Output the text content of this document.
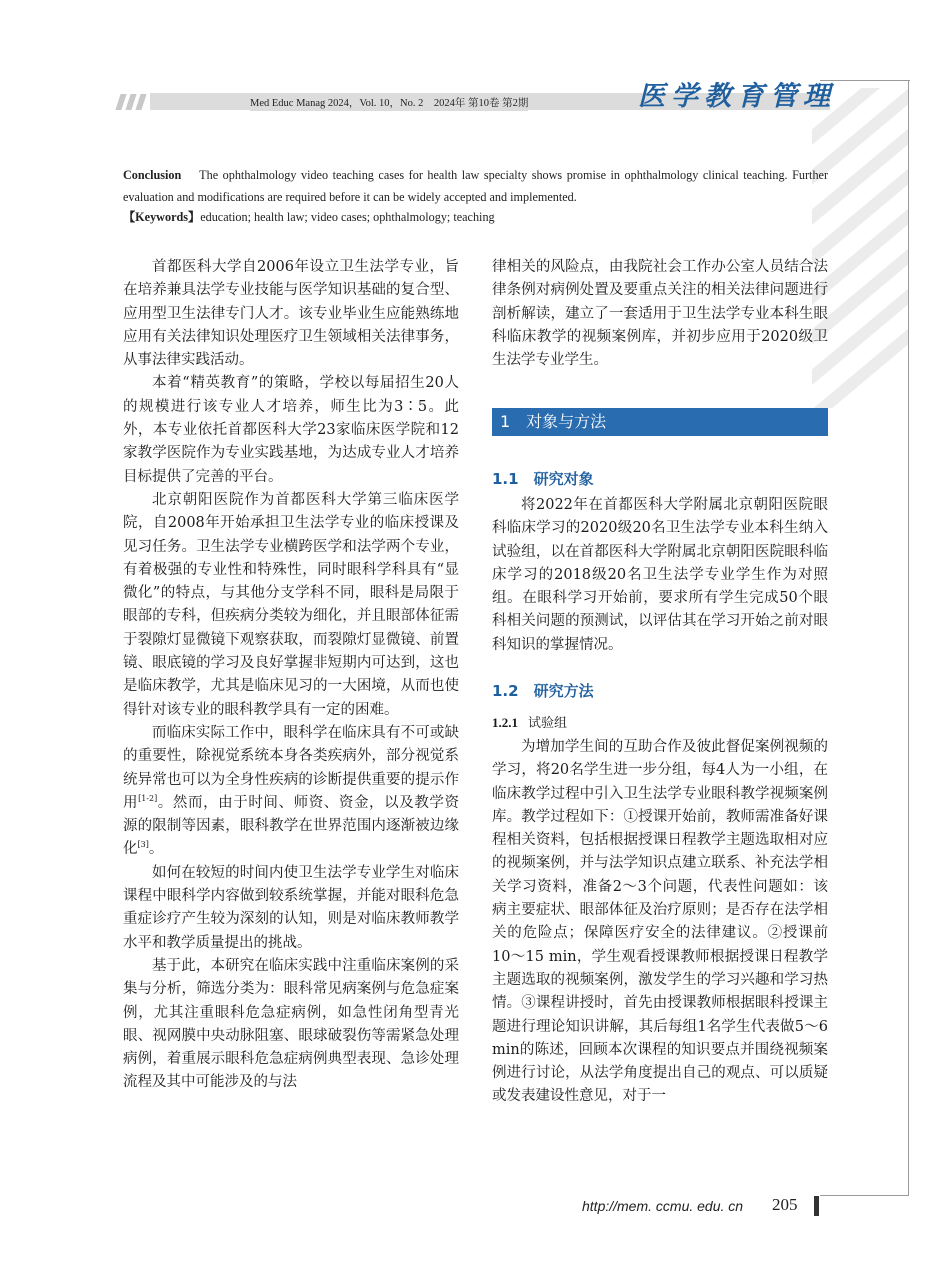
Med Educ Manag 2024，Vol. 10，No. 2　2024年 第10卷 第2期	医学教育管理
Conclusion The ophthalmology video teaching cases for health law specialty shows promise in ophthalmology clinical teaching. Further evaluation and modifications are required before it can be widely accepted and implemented.
【Keywords】education; health law; video cases; ophthalmology; teaching

首都医科大学自2006年设立卫生法学专业，旨在培养兼具法学专业技能与医学知识基础的复合型、应用型卫生法律专门人才。该专业毕业生应能熟练地应用有关法律知识处理医疗卫生领域相关法律事务，从事法律实践活动。

本着“精英教育”的策略，学校以每届招生20人的规模进行该专业人才培养，师生比为3∶5。此外，本专业依托首都医科大学23家临床医学院和12家教学医院作为专业实践基地，为达成专业人才培养目标提供了完善的平台。

北京朝阳医院作为首都医科大学第三临床医学院，自2008年开始承担卫生法学专业的临床授课及见习任务。卫生法学专业横跨医学和法学两个专业，有着极强的专业性和特殊性，同时眼科学科具有“显微化”的特点，与其他分支学科不同，眼科是局限于眼部的专科，但疾病分类较为细化，并且眼部体征需于裂隙灯显微镜下观察获取，而裂隙灯显微镜、前置镜、眼底镜的学习及良好掌握非短期内可达到，这也是临床教学，尤其是临床见习的一大困境，从而也使得针对该专业的眼科教学具有一定的困难。

而临床实际工作中，眼科学在临床具有不可或缺的重要性，除视觉系统本身各类疾病外，部分视觉系统异常也可以为全身性疾病的诊断提供重要的提示作用[1-2]。然而，由于时间、师资、资金，以及教学资源的限制等因素，眼科教学在世界范围内逐渐被边缘化[3]。

如何在较短的时间内使卫生法学专业学生对临床课程中眼科学内容做到较系统掌握，并能对眼科危急重症诊疗产生较为深刻的认知，则是对临床教师教学水平和教学质量提出的挑战。

基于此，本研究在临床实践中注重临床案例的采集与分析，筛选分类为：眼科常见病案例与危急症案例，尤其注重眼科危急症病例，如急性闭角型青光眼、视网膜中央动脉阻塞、眼球破裂伤等需紧急处理病例，着重展示眼科危急症病例典型表现、急诊处理流程及其中可能涉及的与法

律相关的风险点，由我院社会工作办公室人员结合法律条例对病例处置及要重点关注的相关法律问题进行剖析解读，建立了一套适用于卫生法学专业本科生眼科临床教学的视频案例库，并初步应用于2020级卫生法学专业学生。

1　对象与方法
1.1　研究对象

将2022年在首都医科大学附属北京朝阳医院眼科临床学习的2020级20名卫生法学专业本科生纳入试验组，以在首都医科大学附属北京朝阳医院眼科临床学习的2018级20名卫生法学专业学生作为对照组。在眼科学习开始前，要求所有学生完成50个眼科相关问题的预测试，以评估其在学习开始之前对眼科知识的掌握情况。

1.2　研究方法
1.2.1 试验组

为增加学生间的互助合作及彼此督促案例视频的学习，将20名学生进一步分组，每4人为一小组，在临床教学过程中引入卫生法学专业眼科教学视频案例库。教学过程如下：①授课开始前，教师需准备好课程相关资料，包括根据授课日程教学主题选取相对应的视频案例，并与法学知识点建立联系、补充法学相关学习资料，准备2～3个问题，代表性问题如：该病主要症状、眼部体征及治疗原则；是否存在法学相关的危险点；保障医疗安全的法律建议。②授课前10～15 min，学生观看授课教师根据授课日程教学主题选取的视频案例，激发学生的学习兴趣和学习热情。③课程讲授时，首先由授课教师根据眼科授课主题进行理论知识讲解，其后每组1名学生代表做5～6 min的陈述，回顾本次课程的知识要点并围绕视频案例进行讨论，从法学角度提出自己的观点、可以质疑或发表建设性意见，对于一

http://mem. ccmu. edu. cn 205
